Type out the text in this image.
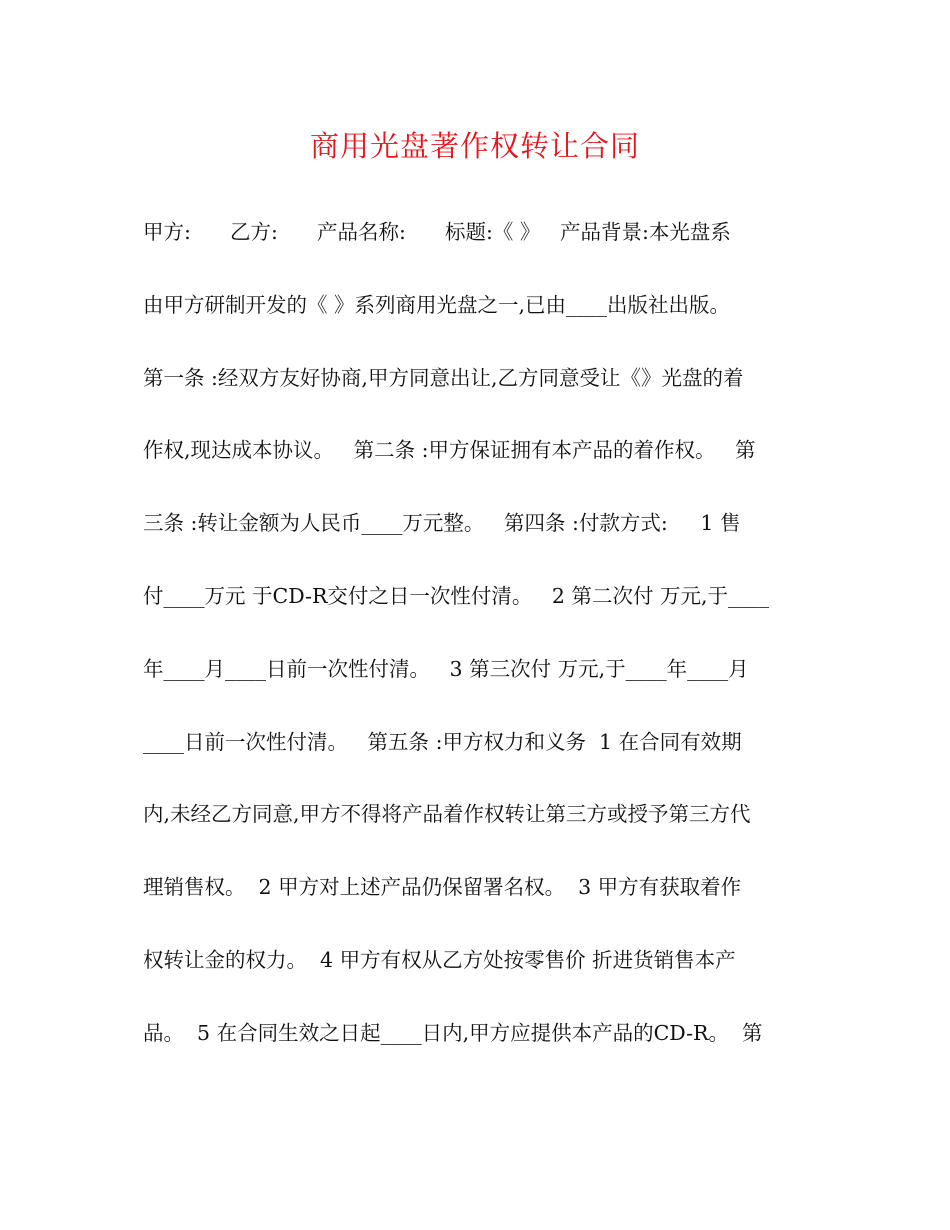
商用光盘著作权转让合同
甲方:      乙方:      产品名称:      标题:《 》   产品背景:本光盘系
由甲方研制开发的《 》系列商用光盘之一,已由____出版社出版。
第一条 :经双方友好协商,甲方同意出让,乙方同意受让《》光盘的着
作权,现达成本协议。   第二条 :甲方保证拥有本产品的着作权。   第
三条 :转让金额为人民币____万元整。   第四条 :付款方式:     1 售
付____万元 于CD-R交付之日一次性付清。   2 第二次付 万元,于____
年____月____日前一次性付清。   3 第三次付 万元,于____年____月
____日前一次性付清。   第五条 :甲方权力和义务  1 在合同有效期
内,未经乙方同意,甲方不得将产品着作权转让第三方或授予第三方代
理销售权。  2 甲方对上述产品仍保留署名权。  3 甲方有获取着作
权转让金的权力。  4 甲方有权从乙方处按零售价 折进货销售本产
品。  5 在合同生效之日起____日内,甲方应提供本产品的CD-R。  第
